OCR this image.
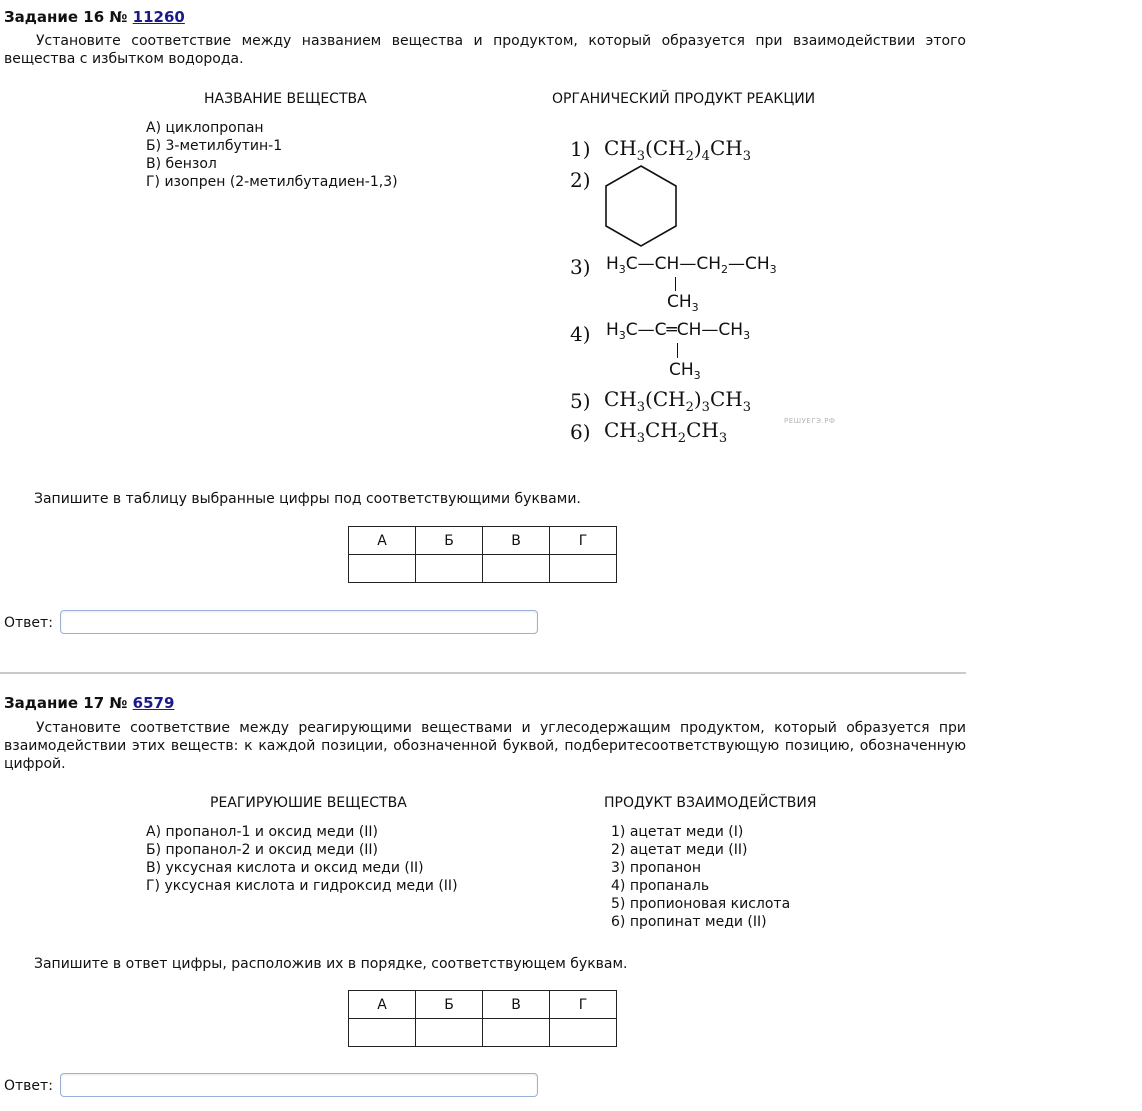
Задание 16 № 11260
Установите соответствие между названием вещества и продуктом, который образуется при взаимодействии этого вещества с избытком водорода.
НАЗВАНИЕ ВЕЩЕСТВА	ОРГАНИЧЕСКИЙ ПРОДУКТ РЕАКЦИИ
А) циклопропан
Б) 3-метилбутин-1
В) бензол
Г) изопрен (2-метилбутадиен-1,3)
1) $CH_3(CH_2)_4CH_3$
2)
3) $H_3C—CH—CH_2—CH_3$
$CH_3$
4) $H_3C—C═CH—CH_3$
$CH_3$
5) $CH_3(CH_2)_3CH_3$
РЕШУЕГЭ.РФ
6) $CH_3CH_2CH_3$
Запишите в таблицу выбранные цифры под соответствующими буквами.
А	Б	В	Г

Ответ:
Задание 17 № 6579
Установите соответствие между реагирующими веществами и углесодержащим продуктом, который образуется при взаимодействии этих веществ: к каждой позиции, обозначенной буквой, подберитесоответствующую позицию, обозначенную цифрой.
РЕАГИРУЮШИЕ ВЕЩЕСТВА	ПРОДУКТ ВЗАИМОДЕЙСТВИЯ
А) пропанол-1 и оксид меди (II)
Б) пропанол-2 и оксид меди (II)
В) уксусная кислота и оксид меди (II)
Г) уксусная кислота и гидроксид меди (II)
1) ацетат меди (I)
2) ацетат меди (II)
3) пропанон
4) пропаналь
5) пропионовая кислота
6) пропинат меди (II)
Запишите в ответ цифры, расположив их в порядке, соответствующем буквам.
А	Б	В	Г

Ответ:
